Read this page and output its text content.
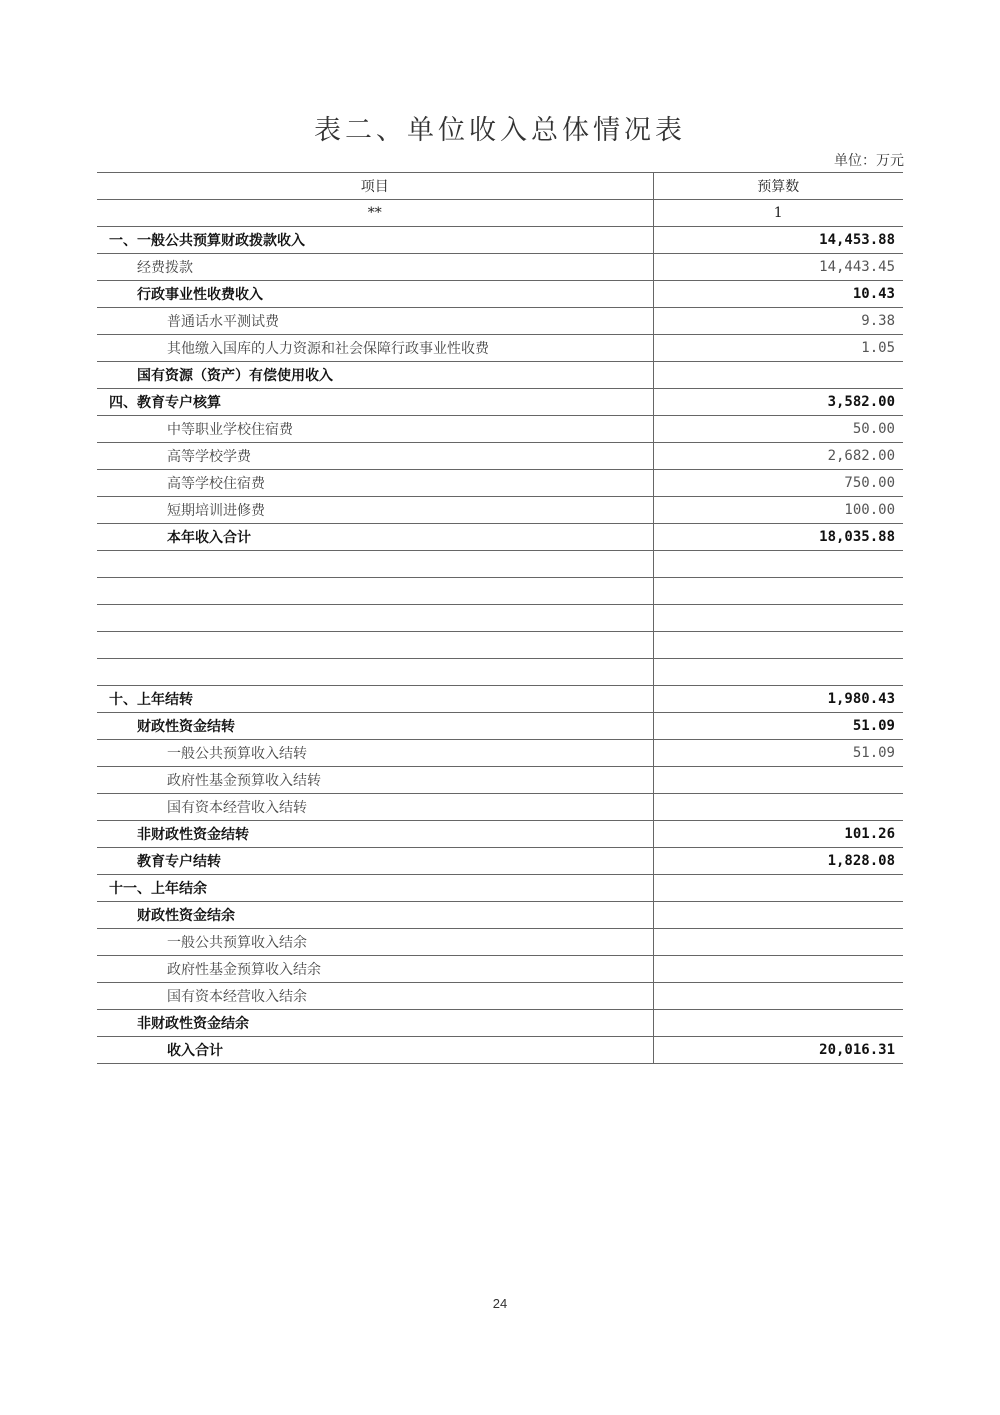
表二、单位收入总体情况表
单位：万元
项目	预算数
**	1
一、一般公共预算财政拨款收入	14,453.88
经费拨款	14,443.45
行政事业性收费收入	10.43
普通话水平测试费	9.38
其他缴入国库的人力资源和社会保障行政事业性收费	1.05
国有资源（资产）有偿使用收入	
四、教育专户核算	3,582.00
中等职业学校住宿费	50.00
高等学校学费	2,682.00
高等学校住宿费	750.00
短期培训进修费	100.00
本年收入合计	18,035.88

十、上年结转	1,980.43
财政性资金结转	51.09
一般公共预算收入结转	51.09
政府性基金预算收入结转	
国有资本经营收入结转	
非财政性资金结转	101.26
教育专户结转	1,828.08
十一、上年结余	
财政性资金结余	
一般公共预算收入结余	
政府性基金预算收入结余	
国有资本经营收入结余	
非财政性资金结余	
收入合计	20,016.31
24
